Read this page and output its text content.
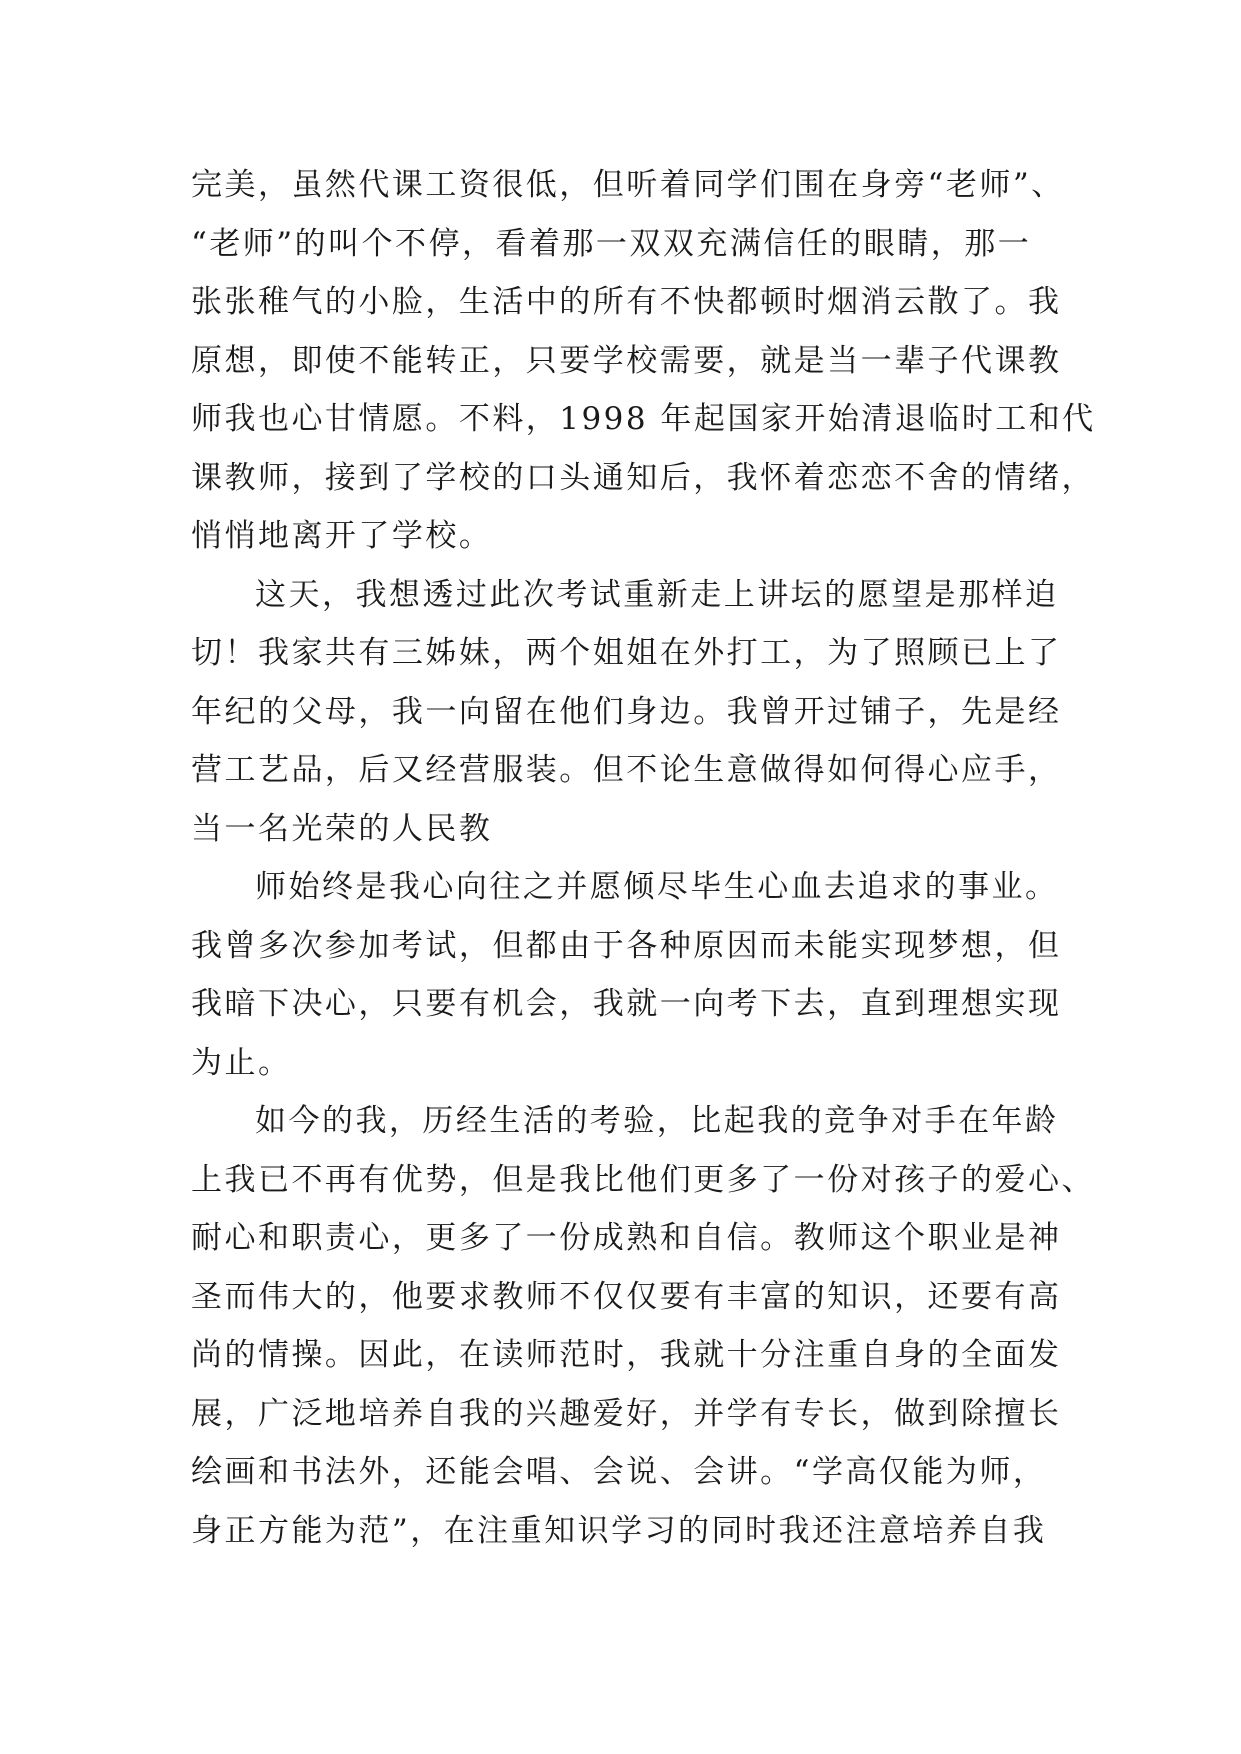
完美，虽然代课工资很低，但听着同学们围在身旁“老师”、
“老师”的叫个不停，看着那一双双充满信任的眼睛，那一
张张稚气的小脸，生活中的所有不快都顿时烟消云散了。我
原想，即使不能转正，只要学校需要，就是当一辈子代课教
师我也心甘情愿。不料，1998 年起国家开始清退临时工和代
课教师，接到了学校的口头通知后，我怀着恋恋不舍的情绪，
悄悄地离开了学校。
这天，我想透过此次考试重新走上讲坛的愿望是那样迫
切！我家共有三姊妹，两个姐姐在外打工，为了照顾已上了
年纪的父母，我一向留在他们身边。我曾开过铺子，先是经
营工艺品，后又经营服装。但不论生意做得如何得心应手，
当一名光荣的人民教
师始终是我心向往之并愿倾尽毕生心血去追求的事业。
我曾多次参加考试，但都由于各种原因而未能实现梦想，但
我暗下决心，只要有机会，我就一向考下去，直到理想实现
为止。
如今的我，历经生活的考验，比起我的竞争对手在年龄
上我已不再有优势，但是我比他们更多了一份对孩子的爱心、
耐心和职责心，更多了一份成熟和自信。教师这个职业是神
圣而伟大的，他要求教师不仅仅要有丰富的知识，还要有高
尚的情操。因此，在读师范时，我就十分注重自身的全面发
展，广泛地培养自我的兴趣爱好，并学有专长，做到除擅长
绘画和书法外，还能会唱、会说、会讲。“学高仅能为师，
身正方能为范”，在注重知识学习的同时我还注意培养自我
